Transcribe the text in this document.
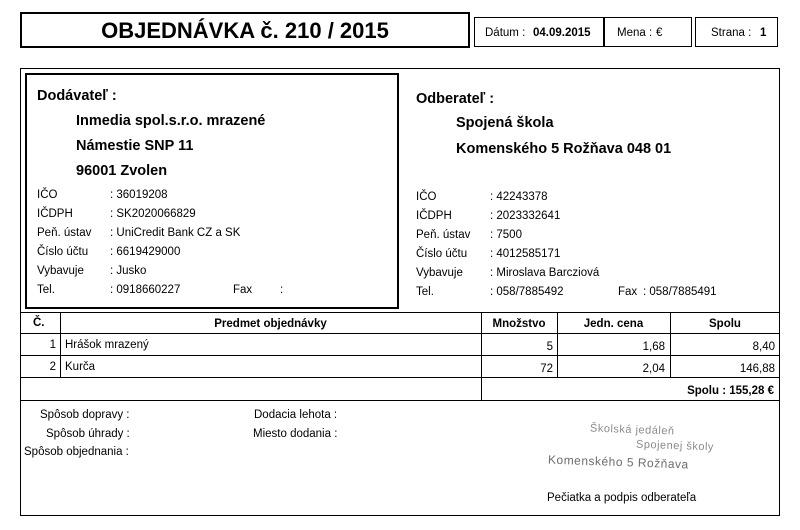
OBJEDNÁVKA č. 210 / 2015	Dátum : 04.09.2015 Mena : €	Strana : 1
Dodávateľ :
Inmedia spol.s.r.o. mrazené
Námestie SNP 11
96001 Zvolen
IČO	: 36019208
IČDPH	: SK2020066829
Peň. ústav : UniCredit Bank CZ a SK
Číslo účtu : 6619429000
Vybavuje : Jusko
Tel.	: 0918660227	Fax :
Odberateľ :
Spojená škola
Komenského 5 Rožňava 048 01
IČO	: 42243378
IČDPH	: 2023332641
Peň. ústav : 7500
Číslo účtu : 4012585171
Vybavuje : Miroslava Barcziová
Tel.	: 058/7885492	Fax : 058/7885491
Č.	Predmet objednávky	Množstvo	Jedn. cena	Spolu
1 Hrášok mrazený	5	1,68	8,40
2 Kurča	72	2,04	146,88
Spolu : 155,28 €
Spôsob dopravy :
Spôsob úhrady :
Spôsob objednania :
Dodacia lehota :
Miesto dodania :	Školská jedáleň
Spojenej školy
Komenského 5 Rožňava
Pečiatka a podpis odberateľa
